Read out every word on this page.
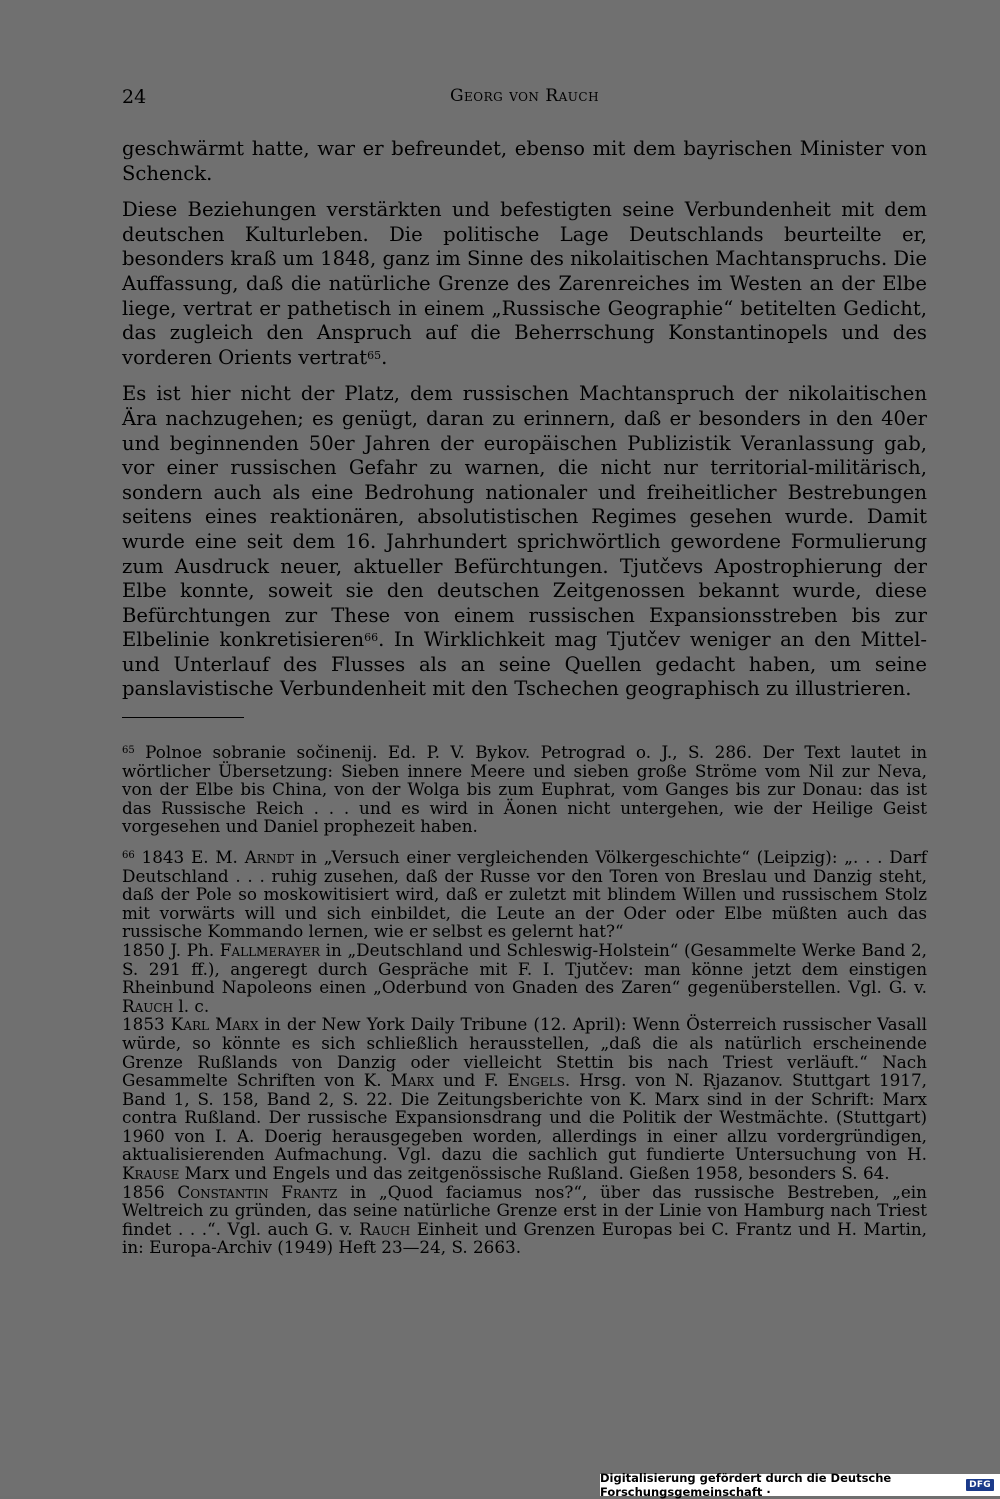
24	Georg von Rauch

geschwärmt hatte, war er befreundet, ebenso mit dem bayrischen Minister von Schenck.

Diese Beziehungen verstärkten und befestigten seine Verbundenheit mit dem deutschen Kulturleben. Die politische Lage Deutschlands beurteilte er, besonders kraß um 1848, ganz im Sinne des nikolaitischen Machtanspruchs. Die Auffassung, daß die natürliche Grenze des Zarenreiches im Westen an der Elbe liege, vertrat er pathetisch in einem „Russische Geographie“ betitelten Gedicht, das zugleich den Anspruch auf die Beherrschung Konstantinopels und des vorderen Orients vertrat$^{65}$.

Es ist hier nicht der Platz, dem russischen Machtanspruch der nikolaitischen Ära nachzugehen; es genügt, daran zu erinnern, daß er besonders in den 40er und beginnenden 50er Jahren der europäischen Publizistik Veranlassung gab, vor einer russischen Gefahr zu warnen, die nicht nur territorial-militärisch, sondern auch als eine Bedrohung nationaler und freiheitlicher Bestrebungen seitens eines reaktionären, absolutistischen Regimes gesehen wurde. Damit wurde eine seit dem 16. Jahrhundert sprichwörtlich gewordene Formulierung zum Ausdruck neuer, aktueller Befürchtungen. Tjutčevs Apostrophierung der Elbe konnte, soweit sie den deutschen Zeitgenossen bekannt wurde, diese Befürchtungen zur These von einem russischen Expansionsstreben bis zur Elbelinie konkretisieren$^{66}$. In Wirklichkeit mag Tjutčev weniger an den Mittel- und Unterlauf des Flusses als an seine Quellen gedacht haben, um seine panslavistische Verbundenheit mit den Tschechen geographisch zu illustrieren.

$^{65}$ Polnoe sobranie sočinenij. Ed. P. V. Bykov. Petrograd o. J., S. 286. Der Text lautet in wörtlicher Übersetzung: Sieben innere Meere und sieben große Ströme vom Nil zur Neva, von der Elbe bis China, von der Wolga bis zum Euphrat, vom Ganges bis zur Donau: das ist das Russische Reich . . . und es wird in Äonen nicht untergehen, wie der Heilige Geist vorgesehen und Daniel prophezeit haben.

$^{66}$ 1843 E. M. Arndt in „Versuch einer vergleichenden Völkergeschichte“ (Leipzig): „. . . Darf Deutschland . . . ruhig zusehen, daß der Russe vor den Toren von Breslau und Danzig steht, daß der Pole so moskowitisiert wird, daß er zuletzt mit blindem Willen und russischem Stolz mit vorwärts will und sich einbildet, die Leute an der Oder oder Elbe müßten auch das russische Kommando lernen, wie er selbst es gelernt hat?“

1850 J. Ph. Fallmerayer in „Deutschland und Schleswig-Holstein“ (Gesammelte Werke Band 2, S. 291 ff.), angeregt durch Gespräche mit F. I. Tjutčev: man könne jetzt dem einstigen Rheinbund Napoleons einen „Oderbund von Gnaden des Zaren“ gegenüberstellen. Vgl. G. v. Rauch l. c.

1853 Karl Marx in der New York Daily Tribune (12. April): Wenn Österreich russischer Vasall würde, so könnte es sich schließlich herausstellen, „daß die als natürlich erscheinende Grenze Rußlands von Danzig oder vielleicht Stettin bis nach Triest verläuft.“ Nach Gesammelte Schriften von K. Marx und F. Engels. Hrsg. von N. Rjazanov. Stuttgart 1917, Band 1, S. 158, Band 2, S. 22. Die Zeitungsberichte von K. Marx sind in der Schrift: Marx contra Rußland. Der russische Expansionsdrang und die Politik der Westmächte. (Stuttgart) 1960 von I. A. Doerig herausgegeben worden, allerdings in einer allzu vordergründigen, aktualisierenden Aufmachung. Vgl. dazu die sachlich gut fundierte Untersuchung von H. Krause Marx und Engels und das zeitgenössische Rußland. Gießen 1958, besonders S. 64.

1856 Constantin Frantz in „Quod faciamus nos?“, über das russische Bestreben, „ein Weltreich zu gründen, das seine natürliche Grenze erst in der Linie von Hamburg nach Triest findet . . .“. Vgl. auch G. v. Rauch Einheit und Grenzen Europas bei C. Frantz und H. Martin, in: Europa-Archiv (1949) Heft 23—24, S. 2663.

Digitalisierung gefördert durch die Deutsche Forschungsgemeinschaft ·	DFG
